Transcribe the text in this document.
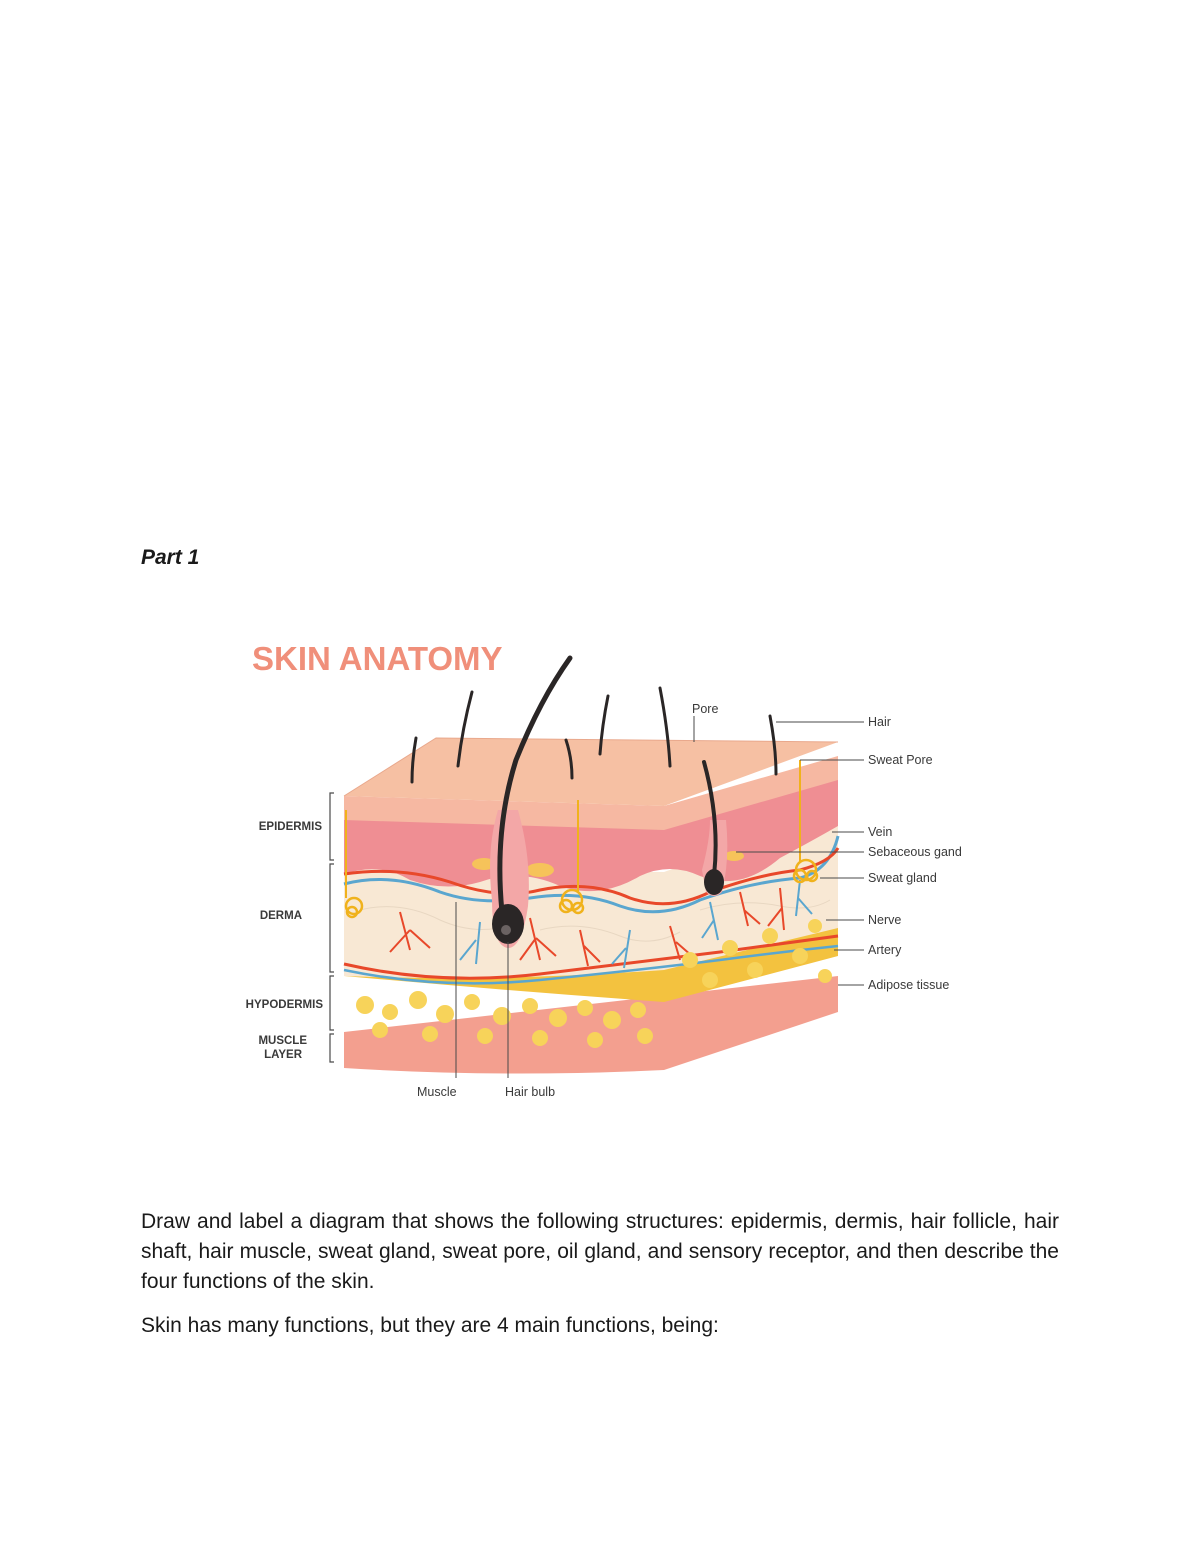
Part 1
SKIN ANATOMY
EPIDERMIS
DERMA
HYPODERMIS
MUSCLE
LAYER
Pore
Hair
Sweat Pore
Vein
Sebaceous gand
Sweat gland
Nerve
Artery
Adipose tissue
Muscle	Hair bulb

Draw and label a diagram that shows the following structures: epidermis, dermis, hair follicle, hair shaft, hair muscle, sweat gland, sweat pore, oil gland, and sensory receptor, and then describe the four functions of the skin.

Skin has many functions, but they are 4 main functions, being:
